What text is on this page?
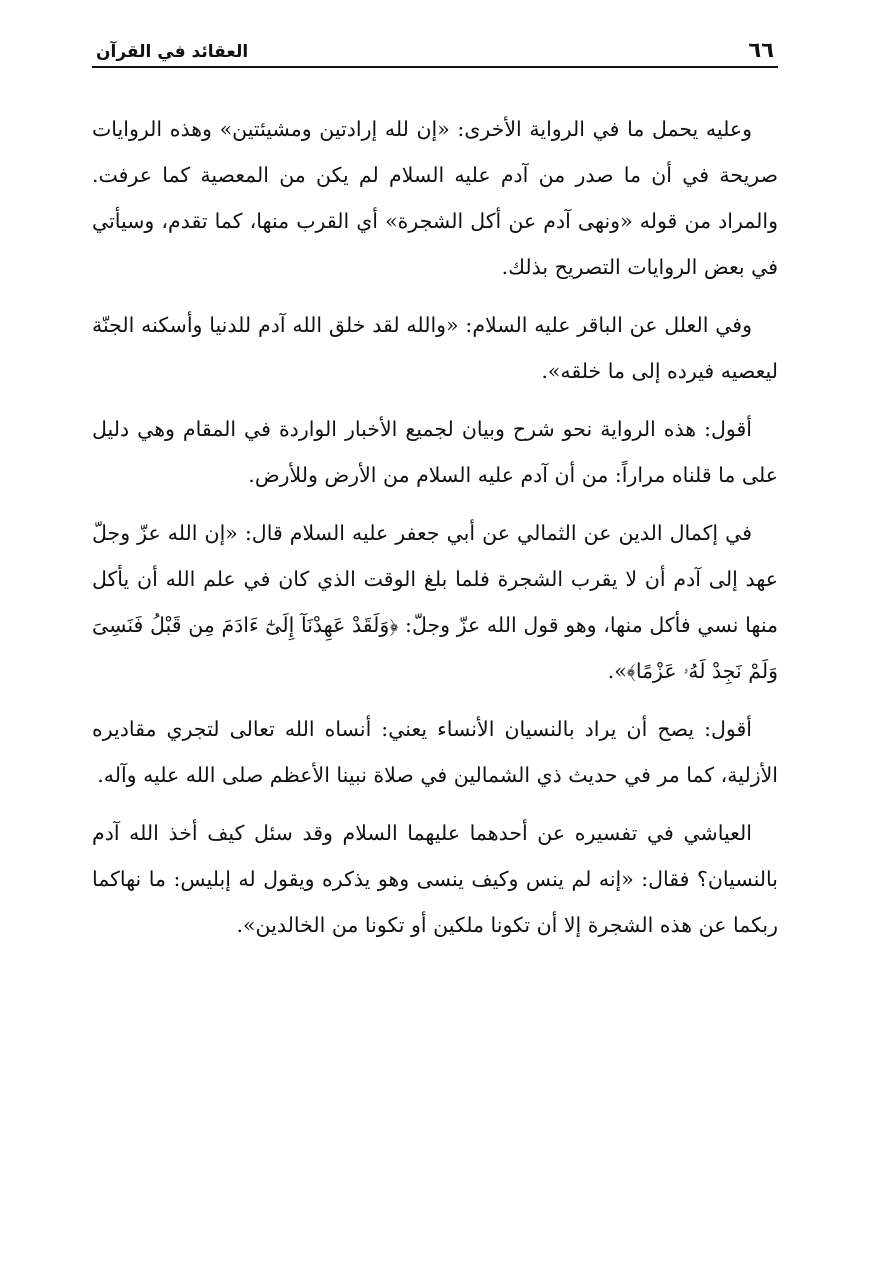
٦٦
العقائد في القرآن

وعليه يحمل ما في الرواية الأخرى: «إن لله إرادتين ومشيئتين» وهذه الروايات صريحة في أن ما صدر من آدم عليه السلام لم يكن من المعصية كما عرفت. والمراد من قوله «ونهى آدم عن أكل الشجرة» أي القرب منها، كما تقدم، وسيأتي في بعض الروايات التصريح بذلك.

وفي العلل عن الباقر عليه السلام: «والله لقد خلق الله آدم للدنيا وأسكنه الجنّة ليعصيه فيرده إلى ما خلقه».

أقول: هذه الرواية نحو شرح وبيان لجميع الأخبار الواردة في المقام وهي دليل على ما قلناه مراراً: من أن آدم عليه السلام من الأرض وللأرض.

في إكمال الدين عن الثمالي عن أبي جعفر عليه السلام قال: «إن الله عزّ وجلّ عهد إلى آدم أن لا يقرب الشجرة فلما بلغ الوقت الذي كان في علم الله أن يأكل منها نسي فأكل منها، وهو قول الله عزّ وجلّ: ﴿وَلَقَدْ عَهِدْنَآ إِلَىٰٓ ءَادَمَ مِن قَبْلُ فَنَسِىَ وَلَمْ نَجِدْ لَهُۥ عَزْمًا﴾».

أقول: يصح أن يراد بالنسيان الأنساء يعني: أنساه الله تعالى لتجري مقاديره الأزلية، كما مر في حديث ذي الشمالين في صلاة نبينا الأعظم صلى الله عليه وآله.

العياشي في تفسيره عن أحدهما عليهما السلام وقد سئل كيف أخذ الله آدم بالنسيان؟ فقال: «إنه لم ينس وكيف ينسى وهو يذكره ويقول له إبليس: ما نهاكما ربكما عن هذه الشجرة إلا أن تكونا ملكين أو تكونا من الخالدين».
